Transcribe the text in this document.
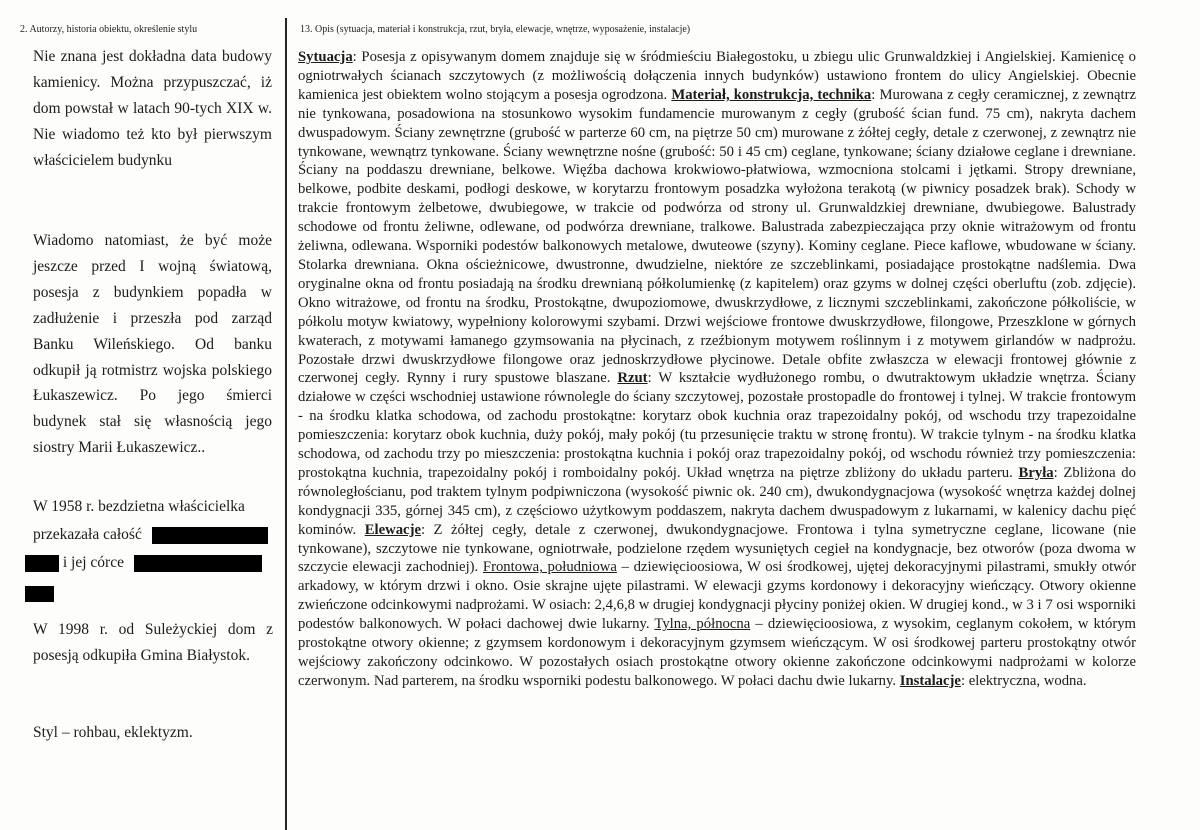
2. Autorzy, historia obiektu, określenie stylu	13. Opis (sytuacja, materiał i konstrukcja, rzut, bryła, elewacje, wnętrze, wyposażenie, instalacje)

Nie znana jest dokładna data budowy kamienicy. Można przypuszczać, iż dom powstał w latach 90-tych XIX w. Nie wiadomo też kto był pierwszym właścicielem budynku

Wiadomo natomiast, że być może jeszcze przed I wojną światową, posesja z budynkiem popadła w zadłużenie i przeszła pod zarząd Banku Wileńskiego. Od banku odkupił ją rotmistrz wojska polskiego Łukaszewicz. Po jego śmierci budynek stał się własnością jego siostry Marii Łukaszewicz..
W 1958 r. bezdzietna właścicielka
przekazała całość
i jej córce
W 1998 r. od Suleżyckiej dom z posesją odkupiła Gmina Białystok.
Styl – rohbau, eklektyzm.

Sytuacja: Posesja z opisywanym domem znajduje się w śródmieściu Białegostoku, u zbiegu ulic Grunwaldzkiej i Angielskiej. Kamienicę o ogniotrwałych ścianach szczytowych (z możliwością dołączenia innych budynków) ustawiono frontem do ulicy Angielskiej. Obecnie kamienica jest obiektem wolno stojącym a posesja ogrodzona. Materiał, konstrukcja, technika: Murowana z cegły ceramicznej, z zewnątrz nie tynkowana, posadowiona na stosunkowo wysokim fundamencie murowanym z cegły (grubość ścian fund. 75 cm), nakryta dachem dwuspadowym. Ściany zewnętrzne (grubość w parterze 60 cm, na piętrze 50 cm) murowane z żółtej cegły, detale z czerwonej, z zewnątrz nie tynkowane, wewnątrz tynkowane. Ściany wewnętrzne nośne (grubość: 50 i 45 cm) ceglane, tynkowane; ściany działowe ceglane i drewniane. Ściany na poddaszu drewniane, belkowe. Więźba dachowa krokwiowo-płatwiowa, wzmocniona stolcami i jętkami. Stropy drewniane, belkowe, podbite deskami, podłogi deskowe, w korytarzu frontowym posadzka wyłożona terakotą (w piwnicy posadzek brak). Schody w trakcie frontowym żelbetowe, dwubiegowe, w trakcie od podwórza od strony ul. Grunwaldzkiej drewniane, dwubiegowe. Balustrady schodowe od frontu żeliwne, odlewane, od podwórza drewniane, tralkowe. Balustrada zabezpieczająca przy oknie witrażowym od frontu żeliwna, odlewana. Wsporniki podestów balkonowych metalowe, dwuteowe (szyny). Kominy ceglane. Piece kaflowe, wbudowane w ściany. Stolarka drewniana. Okna ościeżnicowe, dwustronne, dwudzielne, niektóre ze szczeblinkami, posiadające prostokątne nadślemia. Dwa oryginalne okna od frontu posiadają na środku drewnianą półkolumienkę (z kapitelem) oraz gzyms w dolnej części oberluftu (zob. zdjęcie). Okno witrażowe, od frontu na środku, Prostokątne, dwupoziomowe, dwuskrzydłowe, z licznymi szczeblinkami, zakończone półkoliście, w półkolu motyw kwiatowy, wypełniony kolorowymi szybami. Drzwi wejściowe frontowe dwuskrzydłowe, filongowe, Przeszklone w górnych kwaterach, z motywami łamanego gzymsowania na płycinach, z rzeźbionym motywem roślinnym i z motywem girlandów w nadprożu. Pozostałe drzwi dwuskrzydłowe filongowe oraz jednoskrzydłowe płycinowe. Detale obfite zwłaszcza w elewacji frontowej głównie z czerwonej cegły. Rynny i rury spustowe blaszane. Rzut: W kształcie wydłużonego rombu, o dwutraktowym układzie wnętrza. Ściany działowe w części wschodniej ustawione równolegle do ściany szczytowej, pozostałe prostopadle do frontowej i tylnej. W trakcie frontowym - na środku klatka schodowa, od zachodu prostokątne: korytarz obok kuchnia oraz trapezoidalny pokój, od wschodu trzy trapezoidalne pomieszczenia: korytarz obok kuchnia, duży pokój, mały pokój (tu przesunięcie traktu w stronę frontu). W trakcie tylnym - na środku klatka schodowa, od zachodu trzy po mieszczenia: prostokątna kuchnia i pokój oraz trapezoidalny pokój, od wschodu również trzy pomieszczenia: prostokątna kuchnia, trapezoidalny pokój i romboidalny pokój. Układ wnętrza na piętrze zbliżony do układu parteru. Bryła: Zbliżona do równoległościanu, pod traktem tylnym podpiwniczona (wysokość piwnic ok. 240 cm), dwukondygnacjowa (wysokość wnętrza każdej dolnej kondygnacji 335, górnej 345 cm), z częściowo użytkowym poddaszem, nakryta dachem dwuspadowym z lukarnami, w kalenicy dachu pięć kominów. Elewacje: Z żółtej cegły, detale z czerwonej, dwukondygnacjowe. Frontowa i tylna symetryczne ceglane, licowane (nie tynkowane), szczytowe nie tynkowane, ogniotrwałe, podzielone rzędem wysuniętych cegieł na kondygnacje, bez otworów (poza dwoma w szczycie elewacji zachodniej). Frontowa, południowa – dziewięcioosiowa, W osi środkowej, ujętej dekoracyjnymi pilastrami, smukły otwór arkadowy, w którym drzwi i okno. Osie skrajne ujęte pilastrami. W elewacji gzyms kordonowy i dekoracyjny wieńczący. Otwory okienne zwieńczone odcinkowymi nadprożami. W osiach: 2,4,6,8 w drugiej kondygnacji płyciny poniżej okien. W drugiej kond., w 3 i 7 osi wsporniki podestów balkonowych. W połaci dachowej dwie lukarny. Tylna, północna – dziewięcioosiowa, z wysokim, ceglanym cokołem, w którym prostokątne otwory okienne; z gzymsem kordonowym i dekoracyjnym gzymsem wieńczącym. W osi środkowej parteru prostokątny otwór wejściowy zakończony odcinkowo. W pozostałych osiach prostokątne otwory okienne zakończone odcinkowymi nadprożami w kolorze czerwonym. Nad parterem, na środku wsporniki podestu balkonowego. W połaci dachu dwie lukarny. Instalacje: elektryczna, wodna.
